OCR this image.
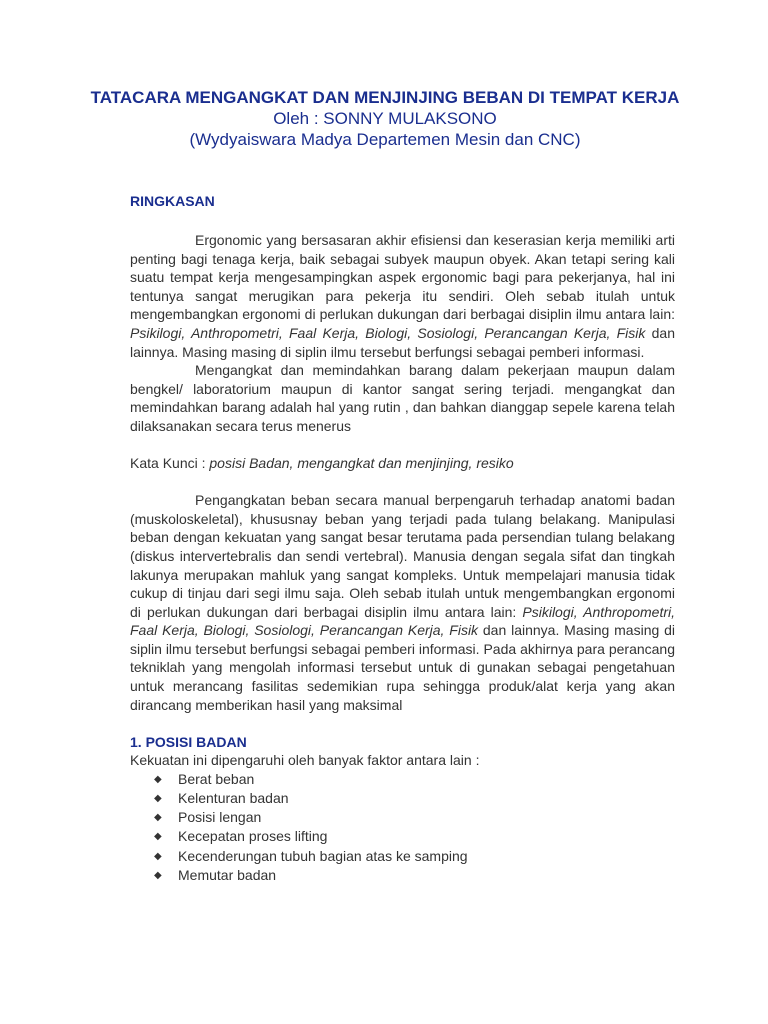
TATACARA MENGANGKAT DAN MENJINJING BEBAN DI TEMPAT KERJA
Oleh : SONNY MULAKSONO
(Wydyaiswara Madya Departemen Mesin dan CNC)
RINGKASAN

Ergonomic yang bersasaran akhir efisiensi dan keserasian kerja memiliki arti penting bagi tenaga kerja, baik sebagai subyek maupun obyek. Akan tetapi sering kali suatu tempat kerja mengesampingkan aspek ergonomic bagi para pekerjanya, hal ini tentunya sangat merugikan para pekerja itu sendiri. Oleh sebab itulah untuk mengembangkan ergonomi di perlukan dukungan dari berbagai disiplin ilmu antara lain: Psikilogi, Anthropometri, Faal Kerja, Biologi, Sosiologi, Perancangan Kerja, Fisik dan lainnya. Masing masing di siplin ilmu tersebut berfungsi sebagai pemberi informasi.

Mengangkat dan memindahkan barang dalam pekerjaan maupun dalam bengkel/ laboratorium maupun di kantor sangat sering terjadi. mengangkat dan memindahkan barang adalah hal yang rutin , dan bahkan dianggap sepele karena telah dilaksanakan secara terus menerus

Kata Kunci : posisi Badan, mengangkat dan menjinjing, resiko

Pengangkatan beban secara manual berpengaruh terhadap anatomi badan (muskoloskeletal), khususnay beban yang terjadi pada tulang belakang. Manipulasi beban dengan kekuatan yang sangat besar terutama pada persendian tulang belakang (diskus intervertebralis dan sendi vertebral). Manusia dengan segala sifat dan tingkah lakunya merupakan mahluk yang sangat kompleks. Untuk mempelajari manusia tidak cukup di tinjau dari segi ilmu saja. Oleh sebab itulah untuk mengembangkan ergonomi di perlukan dukungan dari berbagai disiplin ilmu antara lain: Psikilogi, Anthropometri, Faal Kerja, Biologi, Sosiologi, Perancangan Kerja, Fisik dan lainnya. Masing masing di siplin ilmu tersebut berfungsi sebagai pemberi informasi. Pada akhirnya para perancang tekniklah yang mengolah informasi tersebut untuk di gunakan sebagai pengetahuan untuk merancang fasilitas sedemikian rupa sehingga produk/alat kerja yang akan dirancang memberikan hasil yang maksimal

1. POSISI BADAN

Kekuatan ini dipengaruhi oleh banyak faktor antara lain :

◆ Berat beban
◆ Kelenturan badan
◆ Posisi lengan
◆ Kecepatan proses lifting
◆ Kecenderungan tubuh bagian atas ke samping
◆ Memutar badan
